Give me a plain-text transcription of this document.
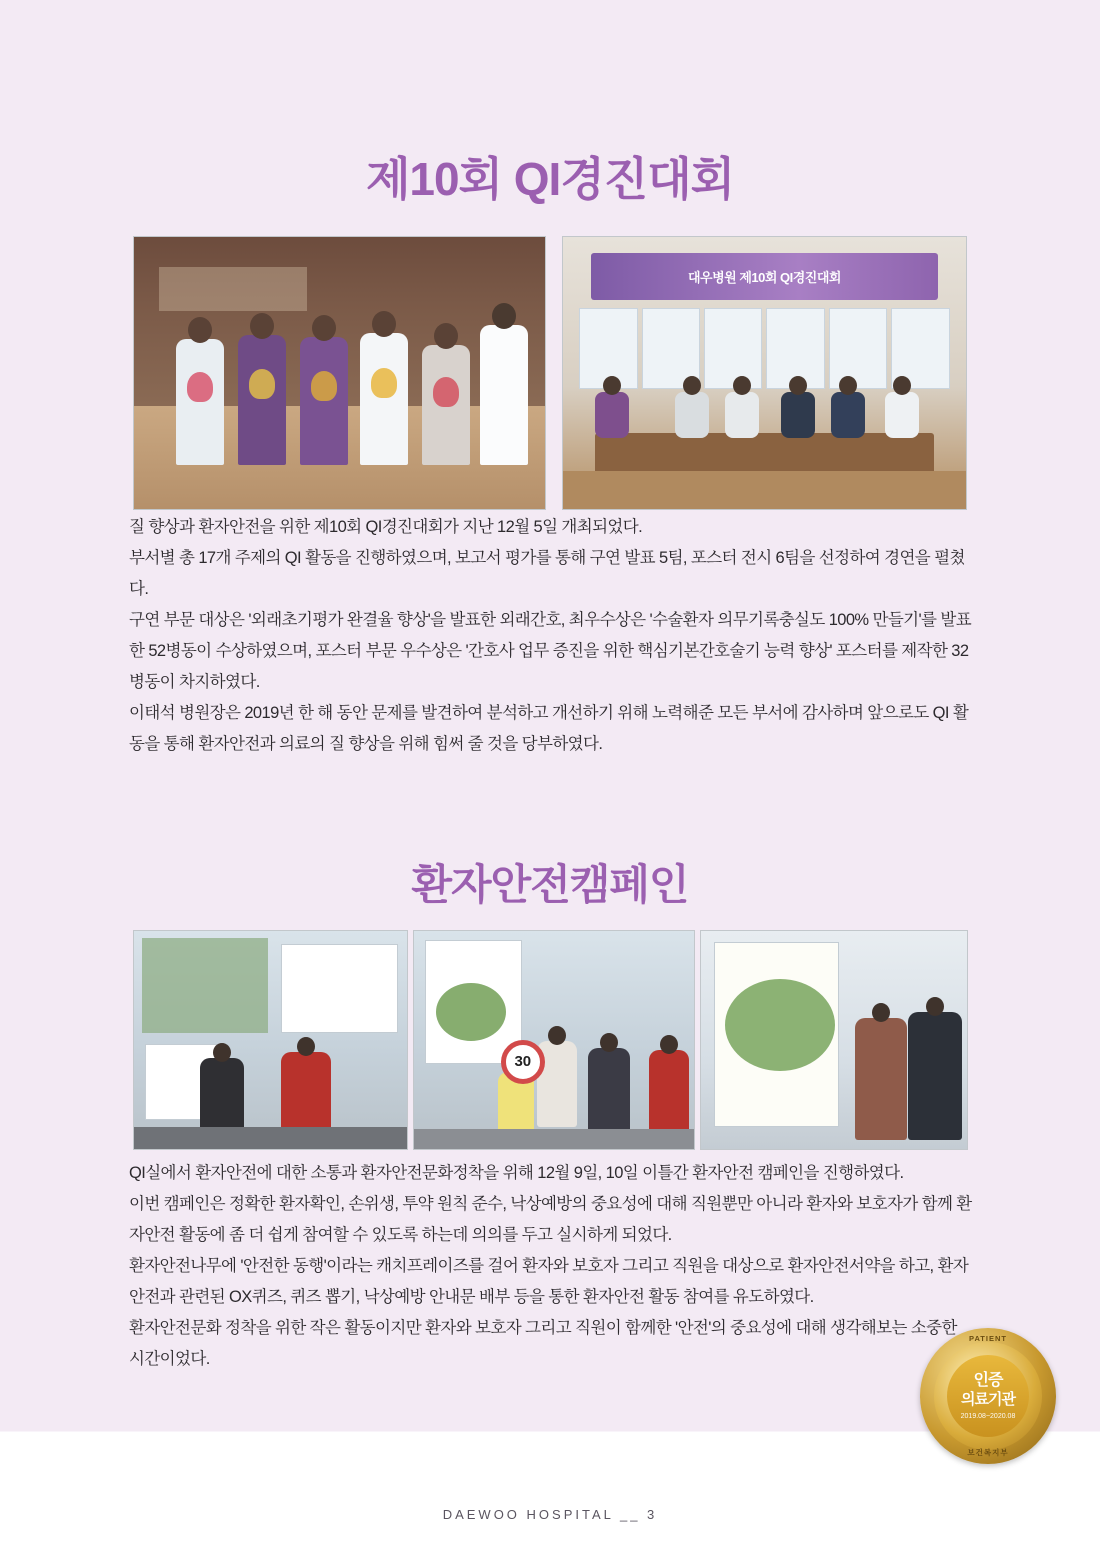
제10회 QI경진대회
대우병원 제10회 QI경진대회

질 향상과 환자안전을 위한 제10회 QI경진대회가 지난 12월 5일 개최되었다.

부서별 총 17개 주제의 QI 활동을 진행하였으며, 보고서 평가를 통해 구연 발표 5팀, 포스터 전시 6팀을 선정하여 경연을 펼쳤다.

구연 부문 대상은 '외래초기평가 완결율 향상'을 발표한 외래간호, 최우수상은 '수술환자 의무기록충실도 100% 만들기'를 발표한 52병동이 수상하였으며, 포스터 부문 우수상은 '간호사 업무 증진을 위한 핵심기본간호술기 능력 향상' 포스터를 제작한 32병동이 차지하였다.

이태석 병원장은 2019년 한 해 동안 문제를 발견하여 분석하고 개선하기 위해 노력해준 모든 부서에 감사하며 앞으로도 QI 활동을 통해 환자안전과 의료의 질 향상을 위해 힘써 줄 것을 당부하였다.

환자안전캠페인
30

QI실에서 환자안전에 대한 소통과 환자안전문화정착을 위해 12월 9일, 10일 이틀간 환자안전 캠페인을 진행하였다.

이번 캠페인은 정확한 환자확인, 손위생, 투약 원칙 준수, 낙상예방의 중요성에 대해 직원뿐만 아니라 환자와 보호자가 함께 환자안전 활동에 좀 더 쉽게 참여할 수 있도록 하는데 의의를 두고 실시하게 되었다.

환자안전나무에 '안전한 동행'이라는 캐치프레이즈를 걸어 환자와 보호자 그리고 직원을 대상으로 환자안전서약을 하고, 환자안전과 관련된 OX퀴즈, 퀴즈 뽑기, 낙상예방 안내문 배부 등을 통한 환자안전 활동 참여를 유도하였다.

환자안전문화 정착을 위한 작은 활동이지만 환자와 보호자 그리고 직원이 함께한 '안전'의 중요성에 대해 생각해보는 소중한 시간이었다.

PATIENT
보건복지부
인증
의료기관
2019.08~2020.08
DAEWOO HOSPITAL __ 3
